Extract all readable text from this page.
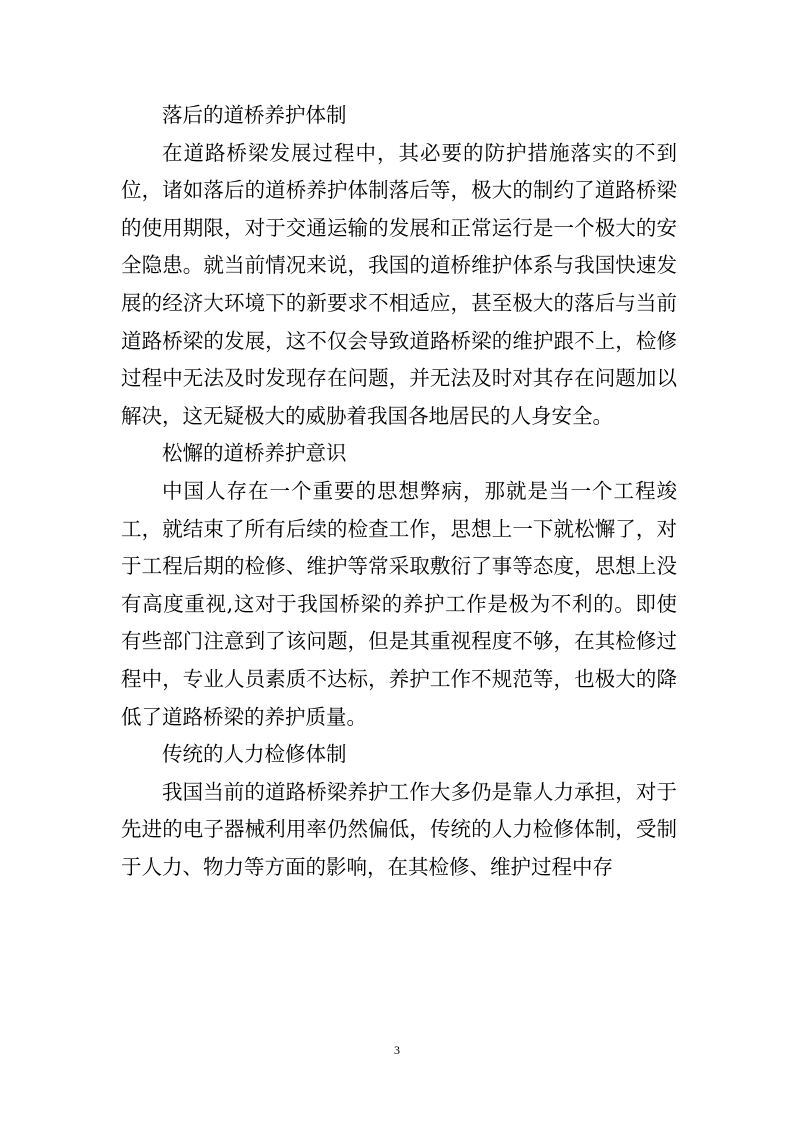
落后的道桥养护体制

在道路桥梁发展过程中，其必要的防护措施落实的不到位，诸如落后的道桥养护体制落后等，极大的制约了道路桥梁的使用期限，对于交通运输的发展和正常运行是一个极大的安全隐患。就当前情况来说，我国的道桥维护体系与我国快速发展的经济大环境下的新要求不相适应，甚至极大的落后与当前道路桥梁的发展，这不仅会导致道路桥梁的维护跟不上，检修过程中无法及时发现存在问题，并无法及时对其存在问题加以解决，这无疑极大的威胁着我国各地居民的人身安全。

松懈的道桥养护意识

中国人存在一个重要的思想弊病，那就是当一个工程竣工，就结束了所有后续的检查工作，思想上一下就松懈了，对于工程后期的检修、维护等常采取敷衍了事等态度，思想上没有高度重视,这对于我国桥梁的养护工作是极为不利的。即使有些部门注意到了该问题，但是其重视程度不够，在其检修过程中，专业人员素质不达标，养护工作不规范等，也极大的降低了道路桥梁的养护质量。

传统的人力检修体制

我国当前的道路桥梁养护工作大多仍是靠人力承担，对于先进的电子器械利用率仍然偏低，传统的人力检修体制，受制于人力、物力等方面的影响，在其检修、维护过程中存

3
